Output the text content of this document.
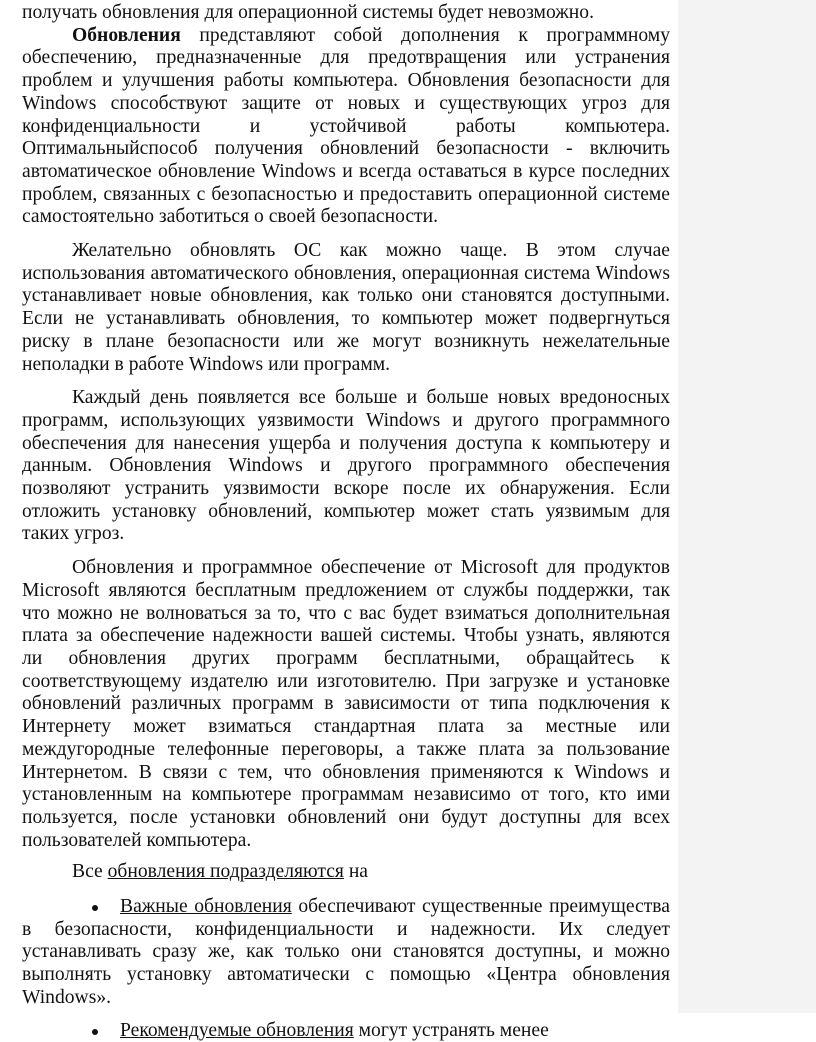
получать обновления для операционной системы будет невозможно.

Обновления представляют собой дополнения к программному обеспечению, предназначенные для предотвращения или устранения проблем и улучшения работы компьютера. Обновления безопасности для Windows способствуют защите от новых и существующих угроз для конфиденциальности и устойчивой работы компьютера. Оптимальныйспособ получения обновлений безопасности - включить автоматическое обновление Windows и всегда оставаться в курсе последних проблем, связанных с безопасностью и предоставить операционной системе самостоятельно заботиться о своей безопасности.

Желательно обновлять ОС как можно чаще. В этом случае использования автоматического обновления, операционная система Windows устанавливает новые обновления, как только они становятся доступными. Если не устанавливать обновления, то компьютер может подвергнуться риску в плане безопасности или же могут возникнуть нежелательные неполадки в работе Windows или программ.

Каждый день появляется все больше и больше новых вредоносных программ, использующих уязвимости Windows и другого программного обеспечения для нанесения ущерба и получения доступа к компьютеру и данным. Обновления Windows и другого программного обеспечения позволяют устранить уязвимости вскоре после их обнаружения. Если отложить установку обновлений, компьютер может стать уязвимым для таких угроз.

Обновления и программное обеспечение от Microsoft для продуктов Microsoft являются бесплатным предложением от службы поддержки, так что можно не волноваться за то, что с вас будет взиматься дополнительная плата за обеспечение надежности вашей системы. Чтобы узнать, являются ли обновления других программ бесплатными, обращайтесь к соответствующему издателю или изготовителю. При загрузке и установке обновлений различных программ в зависимости от типа подключения к Интернету может взиматься стандартная плата за местные или междугородные телефонные переговоры, а также плата за пользование Интернетом. В связи с тем, что обновления применяются к Windows и установленным на компьютере программам независимо от того, кто ими пользуется, после установки обновлений они будут доступны для всех пользователей компьютера.

Все обновления подразделяются на

Важные обновления обеспечивают существенные преимущества в безопасности, конфиденциальности и надежности. Их следует устанавливать сразу же, как только они становятся доступны, и можно выполнять установку автоматически с помощью «Центра обновления Windows».
Рекомендуемые обновления могут устранять менее
